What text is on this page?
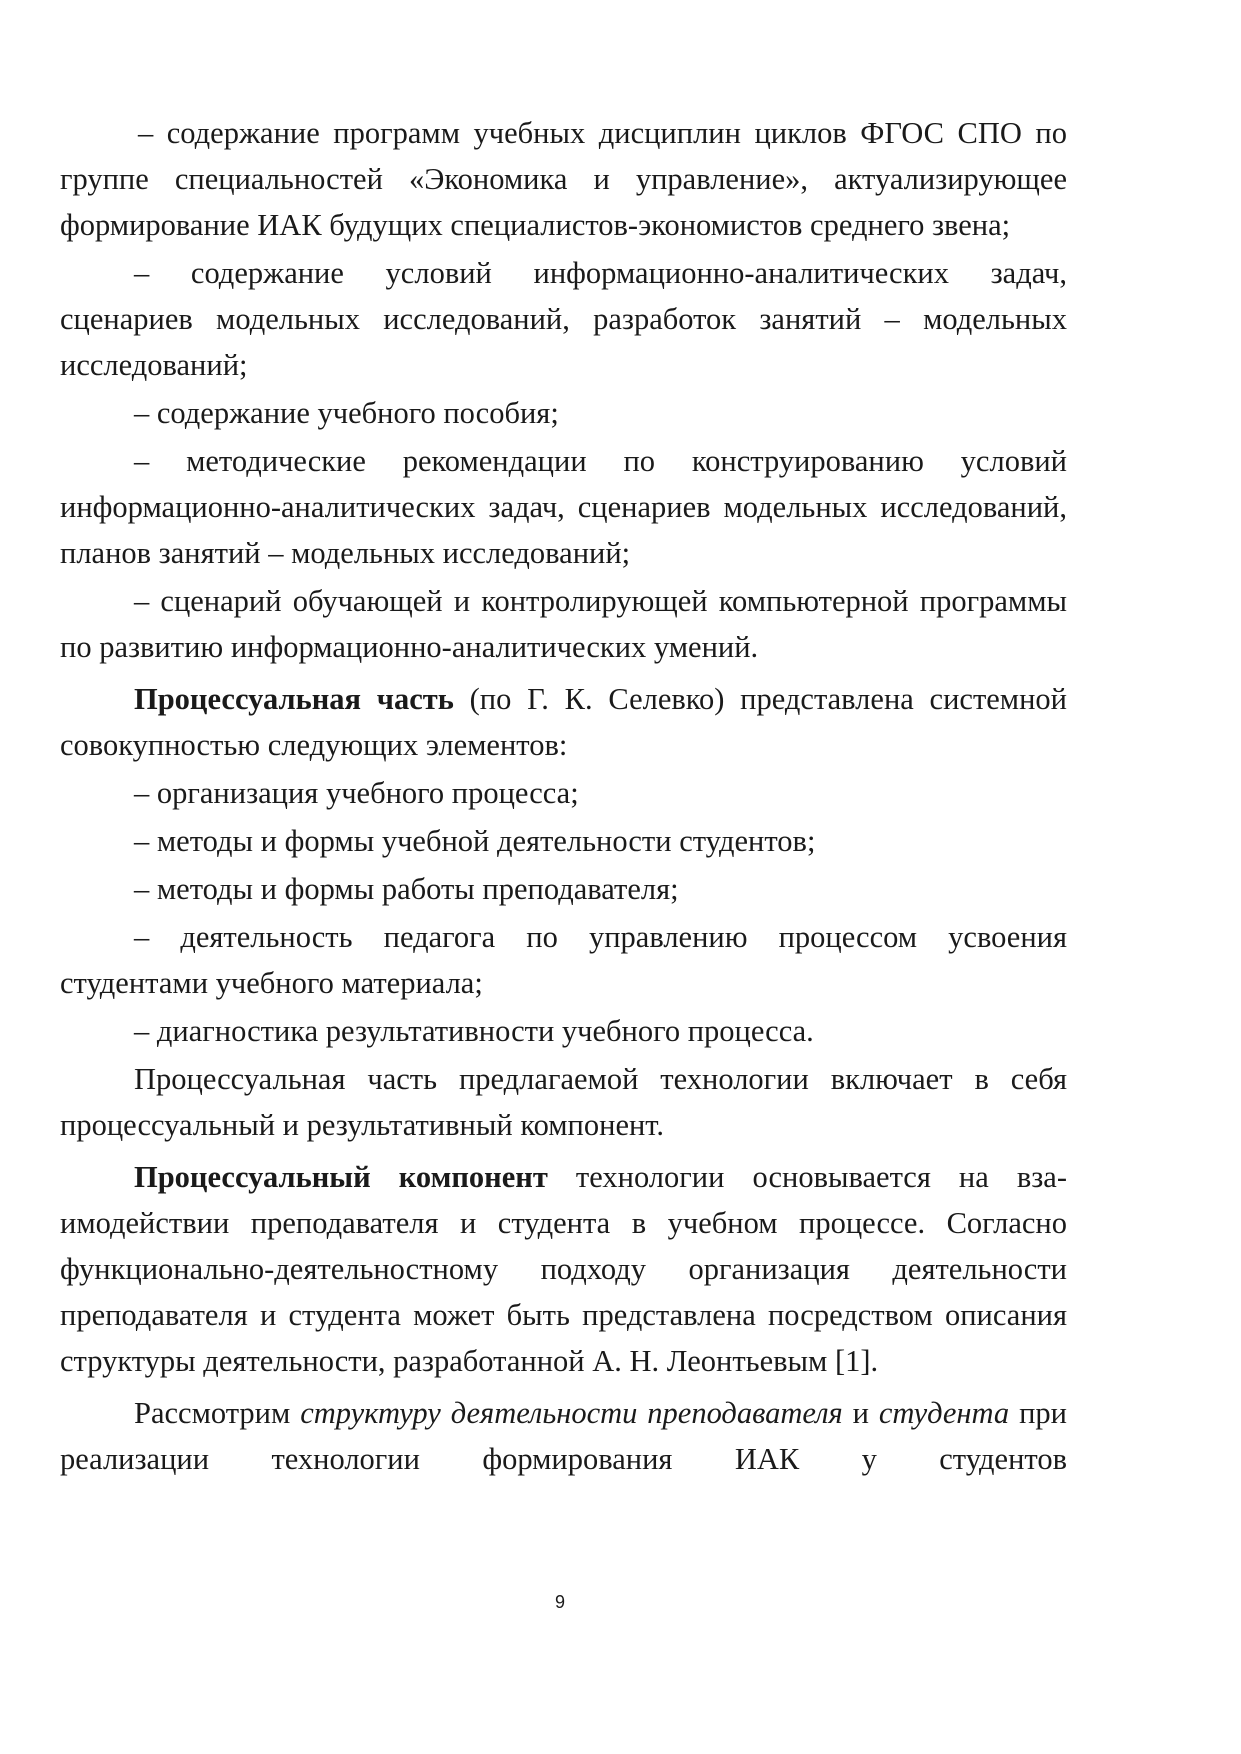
– содержание программ учебных дисциплин циклов ФГОС СПО по группе специальностей «Экономика и управление», актуализирующее формирование ИАК будущих специалистов-экономистов среднего звена;

– содержание условий информационно-аналитических задач, сценариев модельных исследований, разработок занятий – модельных исследований;

– содержание учебного пособия;

– методические рекомендации по конструированию условий информационно-аналитических задач, сценариев модельных исследований, планов занятий – модельных исследований;

– сценарий обучающей и контролирующей компьютерной программы по развитию информационно-аналитических умений.

Процессуальная часть (по Г. К. Селевко) представлена системной совокупностью следующих элементов:

– организация учебного процесса;

– методы и формы учебной деятельности студентов;

– методы и формы работы преподавателя;

– деятельность педагога по управлению процессом усвоения студентами учебного материала;

– диагностика результативности учебного процесса.

Процессуальная часть предлагаемой технологии включает в себя процессуальный и результативный компонент.

Процессуальный компонент технологии основывается на взаимодействии преподавателя и студента в учебном процессе. Согласно функционально-деятельностному подходу организация деятельности преподавателя и студента может быть представлена посредством описания структуры деятельности, разработанной А. Н. Леонтьевым [1].

Рассмотрим структуру деятельности преподавателя и студента при реализации технологии формирования ИАК у студентов

9
